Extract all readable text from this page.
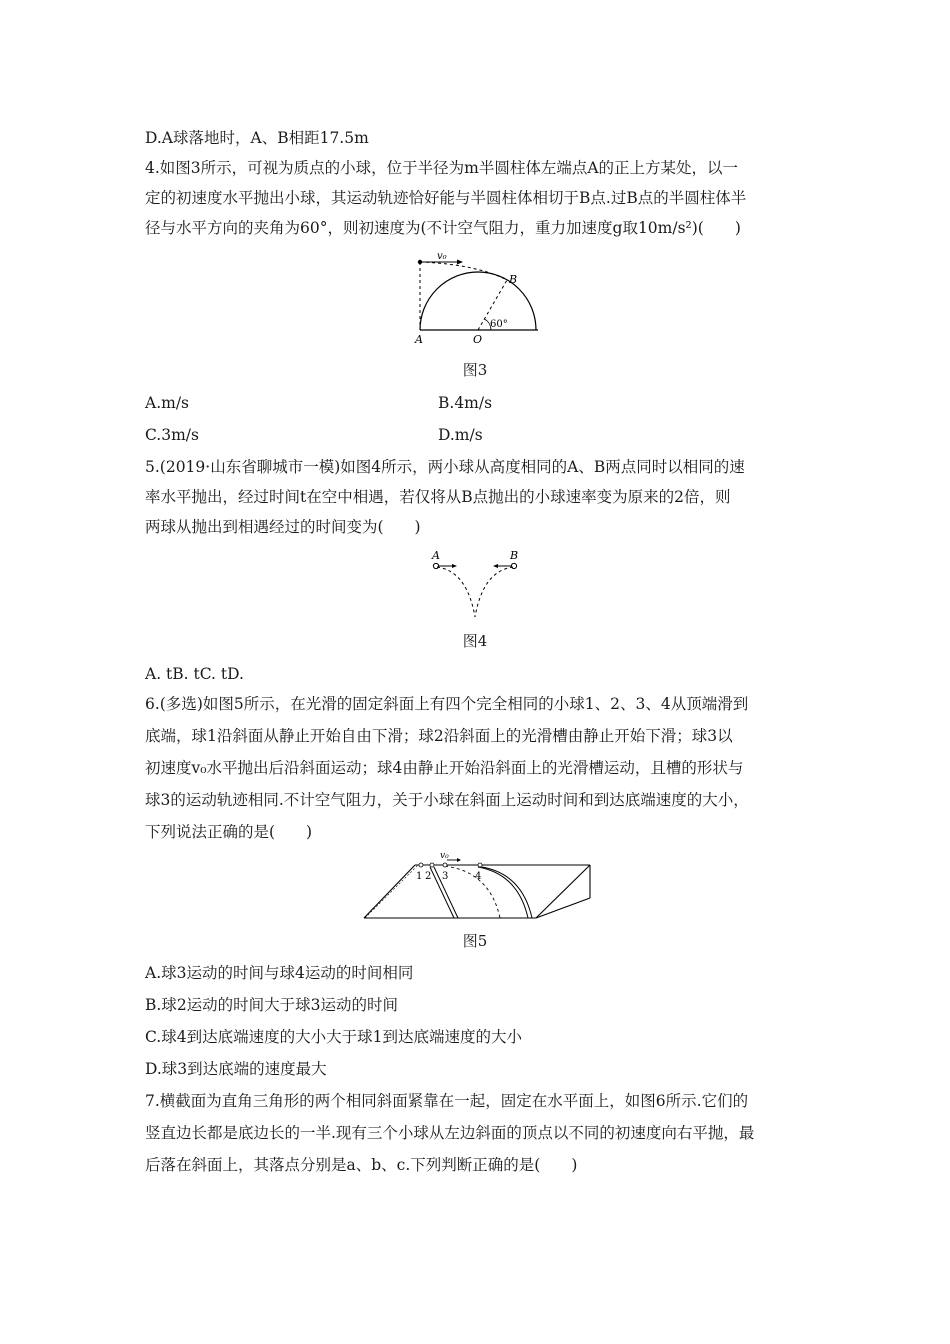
D.A球落地时，A、B相距17.5m
4.如图3所示，可视为质点的小球，位于半径为m半圆柱体左端点A的正上方某处，以一
定的初速度水平抛出小球，其运动轨迹恰好能与半圆柱体相切于B点.过B点的半圆柱体半
径与水平方向的夹角为60°，则初速度为(不计空气阻力，重力加速度g取10m/s²)(　　)
v₀
B
A	O
60°
图3
A.m/s	B.4m/s
C.3m/s	D.m/s
5.(2019·山东省聊城市一模)如图4所示，两小球从高度相同的A、B两点同时以相同的速
率水平抛出，经过时间t在空中相遇，若仅将从B点抛出的小球速率变为原来的2倍，则
两球从抛出到相遇经过的时间变为(　　)
A	B
图4
A. tB. tC. tD.
6.(多选)如图5所示，在光滑的固定斜面上有四个完全相同的小球1、2、3、4从顶端滑到
底端，球1沿斜面从静止开始自由下滑；球2沿斜面上的光滑槽由静止开始下滑；球3以
初速度v₀水平抛出后沿斜面运动；球4由静止开始沿斜面上的光滑槽运动，且槽的形状与
球3的运动轨迹相同.不计空气阻力，关于小球在斜面上运动时间和到达底端速度的大小，
下列说法正确的是(　　)
v₀
1 2 3	4
图5
A.球3运动的时间与球4运动的时间相同
B.球2运动的时间大于球3运动的时间
C.球4到达底端速度的大小大于球1到达底端速度的大小
D.球3到达底端的速度最大
7.横截面为直角三角形的两个相同斜面紧靠在一起，固定在水平面上，如图6所示.它们的
竖直边长都是底边长的一半.现有三个小球从左边斜面的顶点以不同的初速度向右平抛，最
后落在斜面上，其落点分别是a、b、c.下列判断正确的是(　　)
